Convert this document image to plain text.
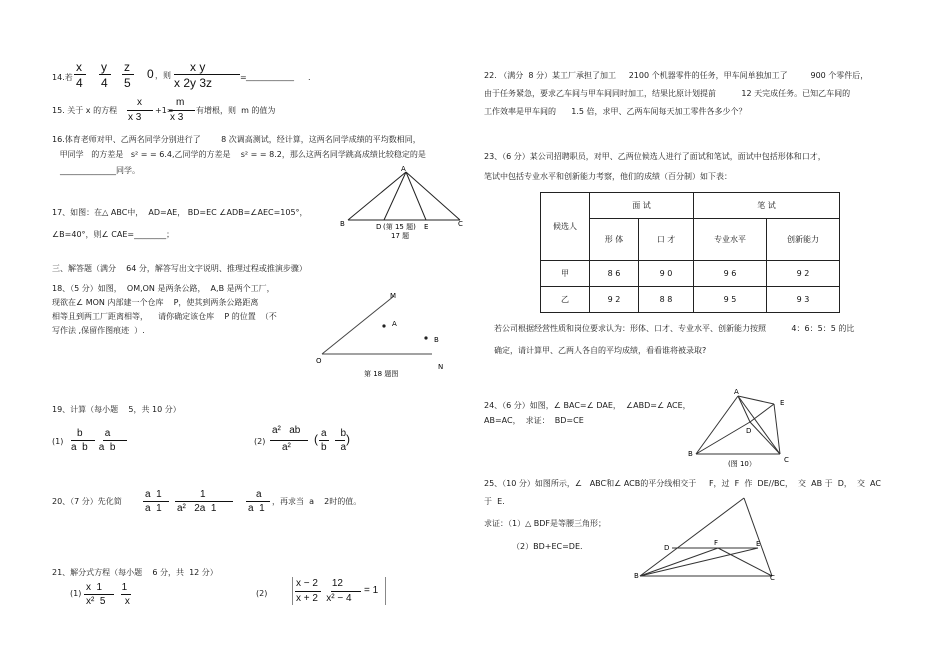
14.若
x
4
y
4
z
5
0 ，则
x y
x 2y 3z	= ____________ .
15. 关于 x 的方程
x
x 3
+1=
m
x 3
有增根，则  m 的值为
16.体育老师对甲、乙两名同学分别进行了        8 次调高测试，经计算，这两名同学成绩的平均数相同，
甲同学   的方差是   s² = = 6.4,乙同学的方差是    s² = = 8.2，那么这两名同学跳高成绩比较稳定的是
______________同学。
17、如图：在△ ABC中，  AD=AE， BD=EC ∠ADB=∠AEC=105°，
∠B=40°，则∠ CAE=________；
A
B	C
D	E
(第 15 题)
17 题
三、解答题（满分    64 分，解答写出文字说明、推理过程或推演步骤）
18、（5 分）如图，  OM,ON 是两条公路，  A,B 是两个工厂，
现欲在∠ MON 内部建一个仓库    P，使其到两条公路距离
相等且到两工厂距离相等，    请你确定该仓库    P 的位置  （不
写作法 ,保留作图痕迹  ）.
M
A
B
O
N
第 18 题图
19、计算（每小题    5，共 10 分）
(1)
b        a
a  b    a  b
(2)
a²   ab
a²
( a     b
b     a
)
20、（7 分）先化简
a  1
a  1
1
a²   2a  1
a
a  1
，再求当  a    2时的值。
21、解分式方程（每小题    6 分，共  12 分）
(1)
x  1       1
x²  5       x
(2)
x − 2     12
x + 2   x² − 4
= 1
22. （满分  8 分）某工厂承担了加工     2100 个机器零件的任务，甲车间单独加工了         900 个零件后，
由于任务紧急，要求乙车间与甲车间同时加工，结果比原计划提前          12 天完成任务。已知乙车间的
工作效率是甲车间的      1.5 倍，求甲、乙两车间每天加工零件各多少个？
23、（6 分）某公司招聘职员，对甲、乙两位候选人进行了面试和笔试，面试中包括形体和口才，
笔试中包括专业水平和创新能力考察，他们的成绩（百分制）如下表：
候选人	面 试		笔 试	
	形 体	口 才	专业水平	创新能力
甲	8 6	9 0	9 6	9 2
乙	9 2	8 8	9 5	9 3
若公司根据经营性质和岗位要求认为：形体、口才、专业水平、创新能力按照          4：6：5：5 的比
确定，请计算甲、乙两人各自的平均成绩，看看谁将被录取?
24、（6 分）如图，∠ BAC=∠ DAE，  ∠ABD=∠ ACE，
AB=AC，  求证：  BD=CE
A
B
C
D
E
(图 10）
25、（10 分）如图所示，∠   ABC和∠ ACB的平分线相交于     F，过  F  作  DE//BC，  交  AB 于  D，  交  AC
于  E.
求证：（1）△ BDF是等腰三角形；
（2）BD+EC=DE.	D
F	E
B	C
